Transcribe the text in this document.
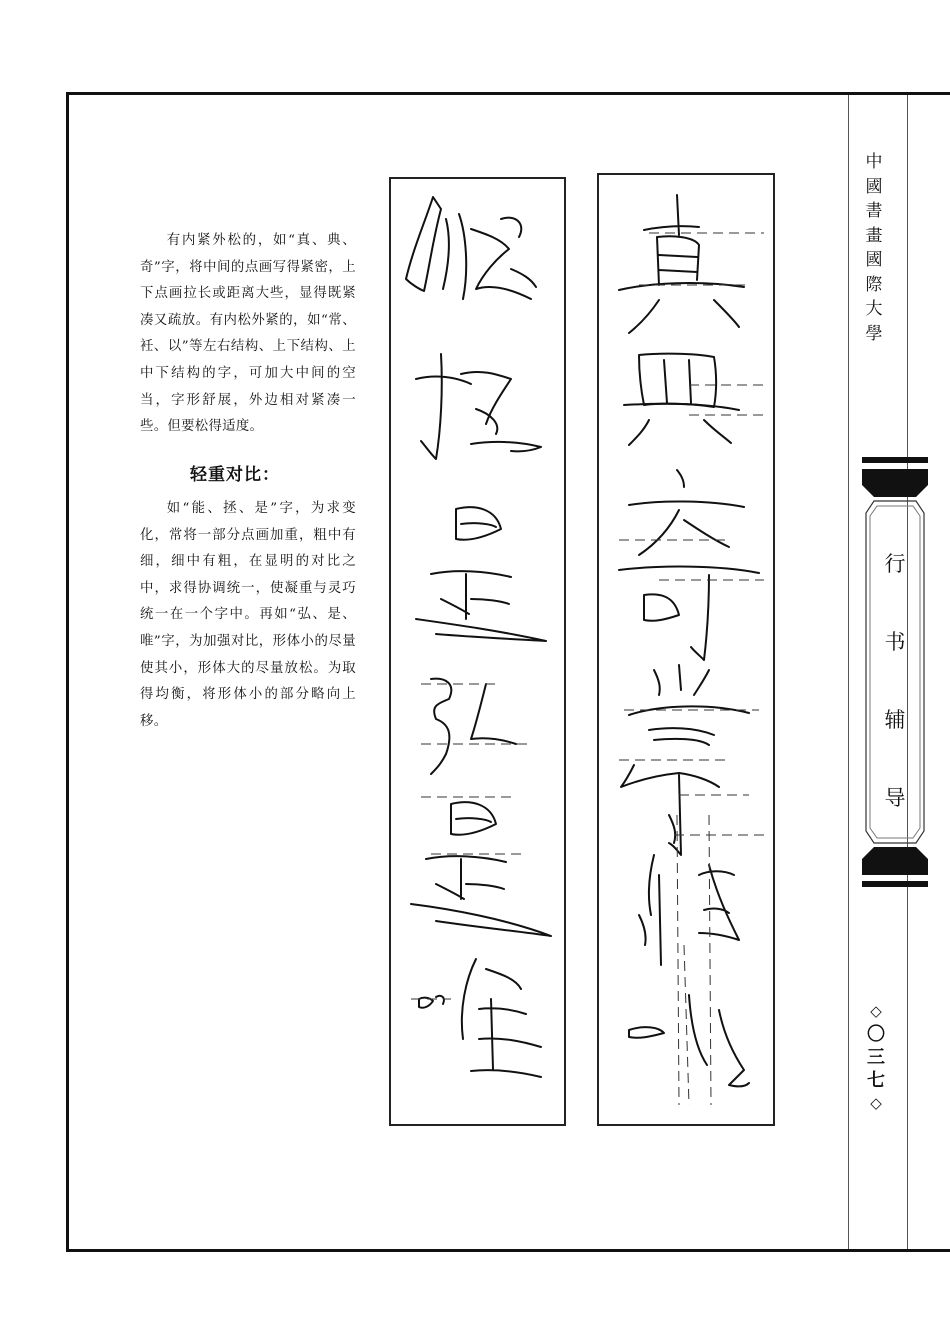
有内紧外松的，如“真、典、奇”字，将中间的点画写得紧密，上下点画拉长或距离大些，显得既紧凑又疏放。有内松外紧的，如“常、衽、以”等左右结构、上下结构、上中下结构的字，可加大中间的空当，字形舒展，外边相对紧凑一些。但要松得适度。

轻重对比：

如“能、拯、是”字，为求变化，常将一部分点画加重，粗中有细，细中有粗，在显明的对比之中，求得协调统一，使凝重与灵巧统一在一个字中。再如“弘、是、唯”字，为加强对比，形体小的尽量使其小，形体大的尽量放松。为取得均衡，将形体小的部分略向上移。

中
國
書
畫
國
際
大
學
行
书
辅
导
◇
〇
三
七
◇
